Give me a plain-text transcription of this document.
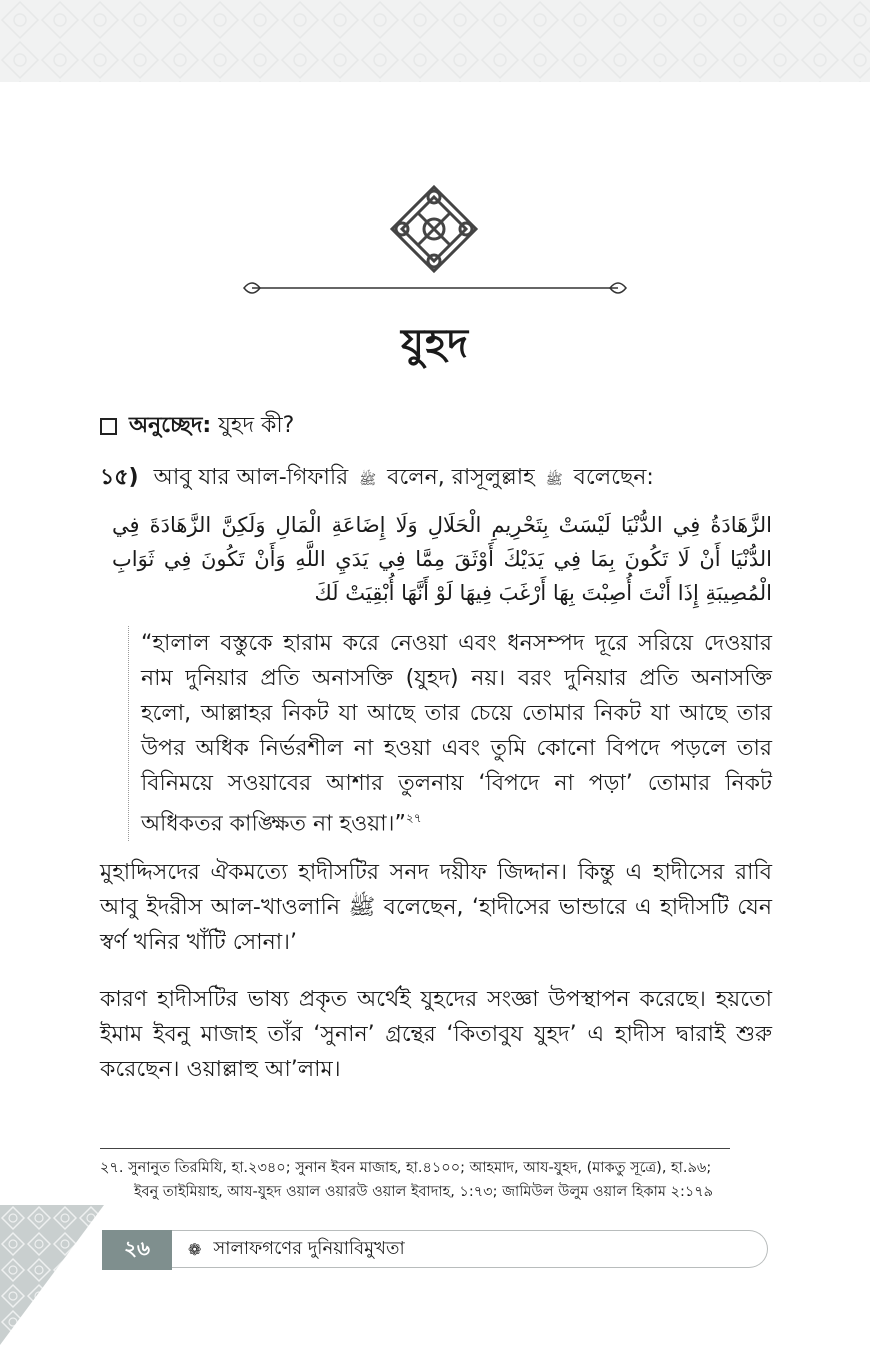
যুহদ
অনুচ্ছেদ:
যুহদ কী?
১৫) আবু যার আল-গিফারি ﷺ বলেন, রাসূলুল্লাহ ﷺ বলেছেন:
الزَّهَادَةُ فِي الدُّنْيَا لَيْسَتْ بِتَحْرِيمِ الْحَلَالِ وَلَا إِضَاعَةِ الْمَالِ وَلَكِنَّ الزَّهَادَةَ فِي الدُّنْيَا أَنْ لَا تَكُونَ بِمَا فِي يَدَيْكَ أَوْثَقَ مِمَّا فِي يَدَيِ اللَّهِ وَأَنْ تَكُونَ فِي ثَوَابِ الْمُصِيبَةِ إِذَا أَنْتَ أُصِبْتَ بِهَا أَرْغَبَ فِيهَا لَوْ أَنَّهَا أُبْقِيَتْ لَكَ
“হালাল বস্তুকে হারাম করে নেওয়া এবং ধনসম্পদ দূরে সরিয়ে দেওয়ার নাম দুনিয়ার প্রতি অনাসক্তি (যুহদ) নয়। বরং দুনিয়ার প্রতি অনাসক্তি হলো, আল্লাহর নিকট যা আছে তার চেয়ে তোমার নিকট যা আছে তার উপর অধিক নির্ভরশীল না হওয়া এবং তুমি কোনো বিপদে পড়লে তার বিনিময়ে সওয়াবের আশার তুলনায় ‘বিপদে না পড়া’ তোমার নিকট অধিকতর কাঙ্ক্ষিত না হওয়া।”$^{২৭}$
মুহাদ্দিসদের ঐকমত্যে হাদীসটির সনদ দয়ীফ জিদ্দান। কিন্তু এ হাদীসের রাবি আবু ইদরীস আল-খাওলানি ﷺ বলেছেন, ‘হাদীসের ভান্ডারে এ হাদীসটি যেন স্বর্ণ খনির খাঁটি সোনা।’
কারণ হাদীসটির ভাষ্য প্রকৃত অর্থেই যুহদের সংজ্ঞা উপস্থাপন করেছে। হয়তো ইমাম ইবনু মাজাহ তাঁর ‘সুনান’ গ্রন্থের ‘কিতাবুয যুহদ’ এ হাদীস দ্বারাই শুরু করেছেন। ওয়াল্লাহু আ’লাম।
২৭. সুনানুত তিরমিযি, হা.২৩৪০; সুনান ইবন মাজাহ, হা.৪১০০; আহমাদ, আয-যুহদ, (মাকতু সূত্রে), হা.৯৬;
ইবনু তাইমিয়াহ, আয-যুহদ ওয়াল ওয়ারউ ওয়াল ইবাদাহ, ১:৭৩; জামিউল উলুম ওয়াল হিকাম ২:১৭৯
২৬	❁ সালাফগণের দুনিয়াবিমুখতা
